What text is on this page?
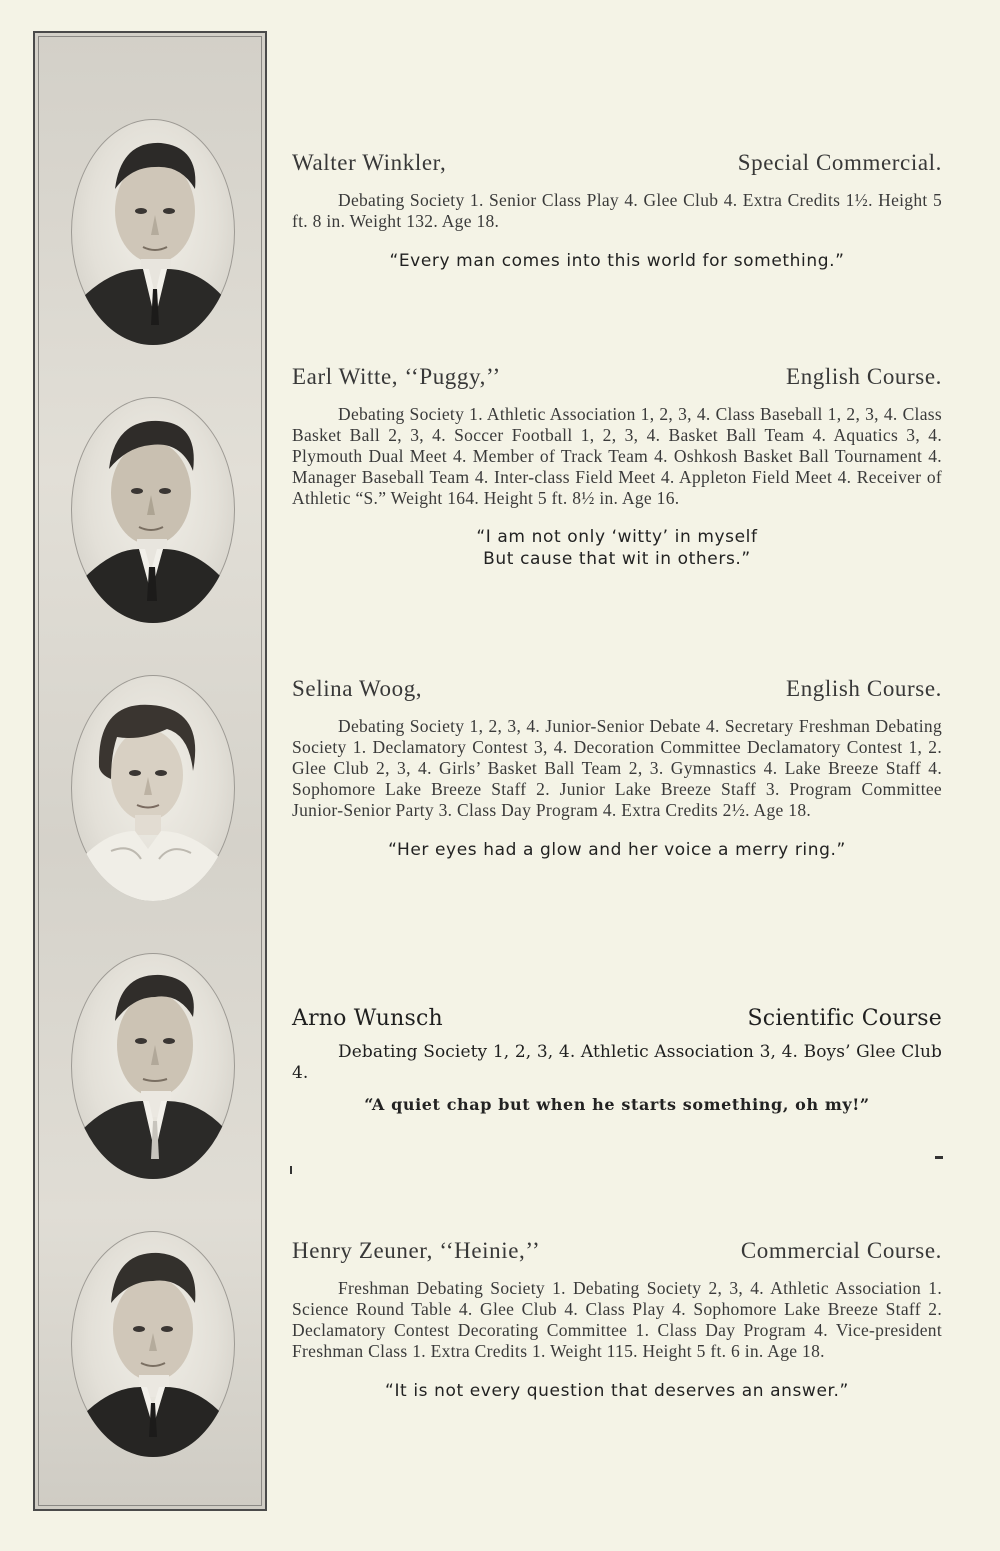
Walter Winkler,	Special Commercial.

Debating Society 1. Senior Class Play 4. Glee Club 4. Extra Credits 1½. Height 5 ft. 8 in. Weight 132. Age 18.

“Every man comes into this world for something.”

Earl Witte, ‘‘Puggy,’’	English Course.

Debating Society 1. Athletic Association 1, 2, 3, 4. Class Baseball 1, 2, 3, 4. Class Basket Ball 2, 3, 4. Soccer Football 1, 2, 3, 4. Basket Ball Team 4. Aquatics 3, 4. Plymouth Dual Meet 4. Member of Track Team 4. Oshkosh Basket Ball Tournament 4. Manager Baseball Team 4. Inter-class Field Meet 4. Appleton Field Meet 4. Receiver of Athletic “S.” Weight 164. Height 5 ft. 8½ in. Age 16.

“I am not only ‘witty’ in myself

But cause that wit in others.”

Selina Woog,	English Course.

Debating Society 1, 2, 3, 4. Junior-Senior Debate 4. Secretary Freshman Debating Society 1. Declamatory Contest 3, 4. Decoration Committee Declamatory Contest 1, 2. Glee Club 2, 3, 4. Girls’ Basket Ball Team 2, 3. Gymnastics 4. Lake Breeze Staff 4. Sophomore Lake Breeze Staff 2. Junior Lake Breeze Staff 3. Program Committee Junior-Senior Party 3. Class Day Program 4. Extra Credits 2½. Age 18.

“Her eyes had a glow and her voice a merry ring.”

Arno Wunsch	Scientific Course

Debating Society 1, 2, 3, 4. Athletic Association 3, 4. Boys’ Glee Club 4.

“A quiet chap but when he starts something, oh my!”

Henry Zeuner, ‘‘Heinie,’’	Commercial Course.

Freshman Debating Society 1. Debating Society 2, 3, 4. Athletic Association 1. Science Round Table 4. Glee Club 4. Class Play 4. Sophomore Lake Breeze Staff 2. Declamatory Contest Decorating Committee 1. Class Day Program 4. Vice-president Freshman Class 1. Extra Credits 1. Weight 115. Height 5 ft. 6 in. Age 18.

“It is not every question that deserves an answer.”
